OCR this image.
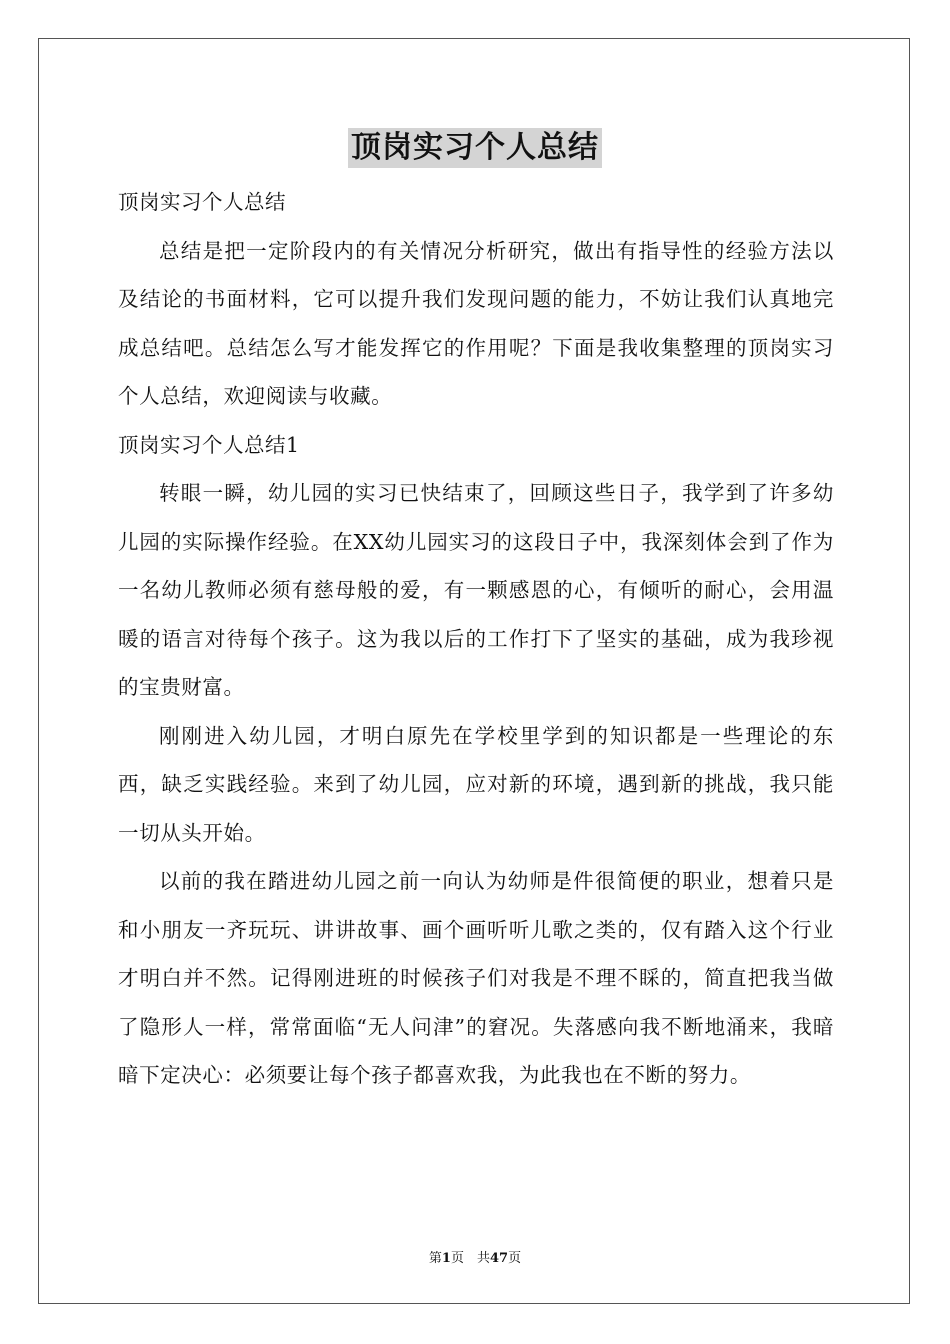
顶岗实习个人总结

顶岗实习个人总结

总结是把一定阶段内的有关情况分析研究，做出有指导性的经验方法以及结论的书面材料，它可以提升我们发现问题的能力，不妨让我们认真地完成总结吧。总结怎么写才能发挥它的作用呢？下面是我收集整理的顶岗实习个人总结，欢迎阅读与收藏。

顶岗实习个人总结1

转眼一瞬，幼儿园的实习已快结束了，回顾这些日子，我学到了许多幼儿园的实际操作经验。在XX幼儿园实习的这段日子中，我深刻体会到了作为一名幼儿教师必须有慈母般的爱，有一颗感恩的心，有倾听的耐心，会用温暖的语言对待每个孩子。这为我以后的工作打下了坚实的基础，成为我珍视的宝贵财富。

刚刚进入幼儿园，才明白原先在学校里学到的知识都是一些理论的东西，缺乏实践经验。来到了幼儿园，应对新的环境，遇到新的挑战，我只能一切从头开始。

以前的我在踏进幼儿园之前一向认为幼师是件很简便的职业，想着只是和小朋友一齐玩玩、讲讲故事、画个画听听儿歌之类的，仅有踏入这个行业才明白并不然。记得刚进班的时候孩子们对我是不理不睬的，简直把我当做了隐形人一样，常常面临“无人问津”的窘况。失落感向我不断地涌来，我暗暗下定决心：必须要让每个孩子都喜欢我，为此我也在不断的努力。

第1页　共47页
